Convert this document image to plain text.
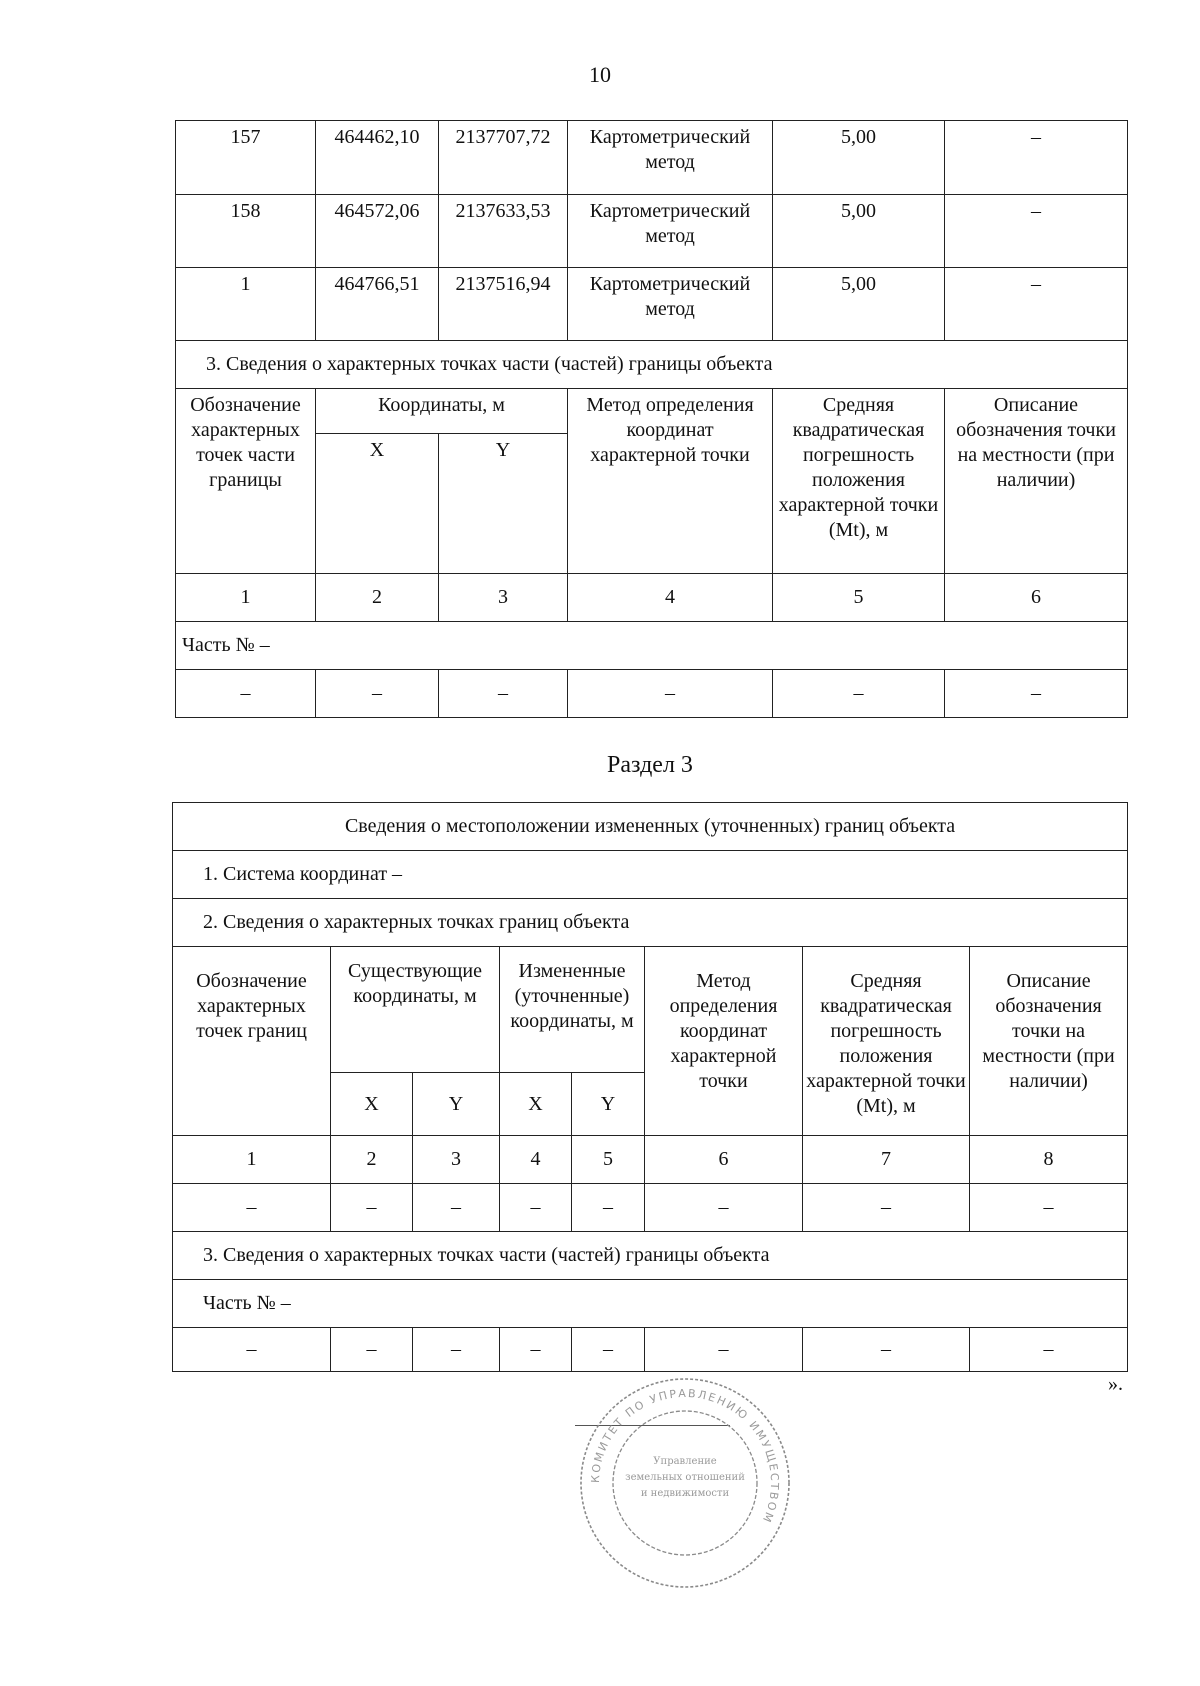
10
157	464462,10	2137707,72	Картометрический метод	5,00	–
158	464572,06	2137633,53	Картометрический метод	5,00	–
1	464766,51	2137516,94	Картометрический метод	5,00	–
3. Сведения о характерных точках части (частей) границы объекта					
Обозначение характерных точек части границы	Координаты, м		Метод определения координат характерной точки	Средняя квадратическая погрешность положения характерной точки (Mt), м	Описание обозначения точки на местности (при наличии)
	X	Y			
1	2	3	4	5	6
Часть № –					
–	–	–	–	–	–
Раздел 3
Сведения о местоположении измененных (уточненных) границ объекта							
1. Система координат –							
2. Сведения о характерных точках границ объекта							
Обозначение характерных точек границ	Существующие координаты, м		Измененные (уточненные) координаты, м		Метод определения координат характерной точки	Средняя квадратическая погрешность положения характерной точки (Mt), м	Описание обозначения точки на местности (при наличии)
	X	Y	X	Y			
1	2	3	4	5	6	7	8
–	–	–	–	–	–	–	–
3. Сведения о характерных точках части (частей) границы объекта							
Часть № –							
–	–	–	–	–	–	–	–
».
КОМИТЕТ ПО УПРАВЛЕНИЮ ИМУЩЕСТВОМ
Управление земельных отношений и недвижимости
